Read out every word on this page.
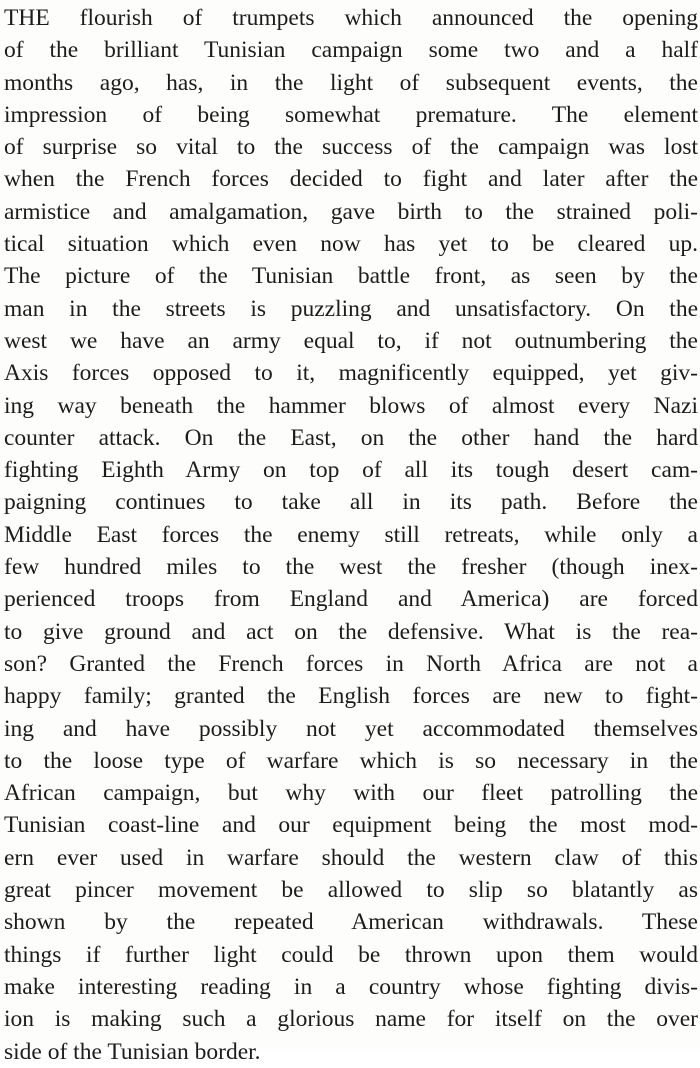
THE flourish of trumpets which announced the opening
of the brilliant Tunisian campaign some two and a half
months ago, has, in the light of subsequent events, the
impression of being somewhat premature. The element
of surprise so vital to the success of the campaign was lost
when the French forces decided to fight and later after the
armistice and amalgamation, gave birth to the strained poli-
tical situation which even now has yet to be cleared up.
The picture of the Tunisian battle front, as seen by the
man in the streets is puzzling and unsatisfactory. On the
west we have an army equal to, if not outnumbering the
Axis forces opposed to it, magnificently equipped, yet giv-
ing way beneath the hammer blows of almost every Nazi
counter attack. On the East, on the other hand the hard
fighting Eighth Army on top of all its tough desert cam-
paigning continues to take all in its path. Before the
Middle East forces the enemy still retreats, while only a
few hundred miles to the west the fresher (though inex-
perienced troops from England and America) are forced
to give ground and act on the defensive. What is the rea-
son? Granted the French forces in North Africa are not a
happy family; granted the English forces are new to fight-
ing and have possibly not yet accommodated themselves
to the loose type of warfare which is so necessary in the
African campaign, but why with our fleet patrolling the
Tunisian coast-line and our equipment being the most mod-
ern ever used in warfare should the western claw of this
great pincer movement be allowed to slip so blatantly as
shown by the repeated American withdrawals. These
things if further light could be thrown upon them would
make interesting reading in a country whose fighting divis-
ion is making such a glorious name for itself on the over
side of the Tunisian border.
